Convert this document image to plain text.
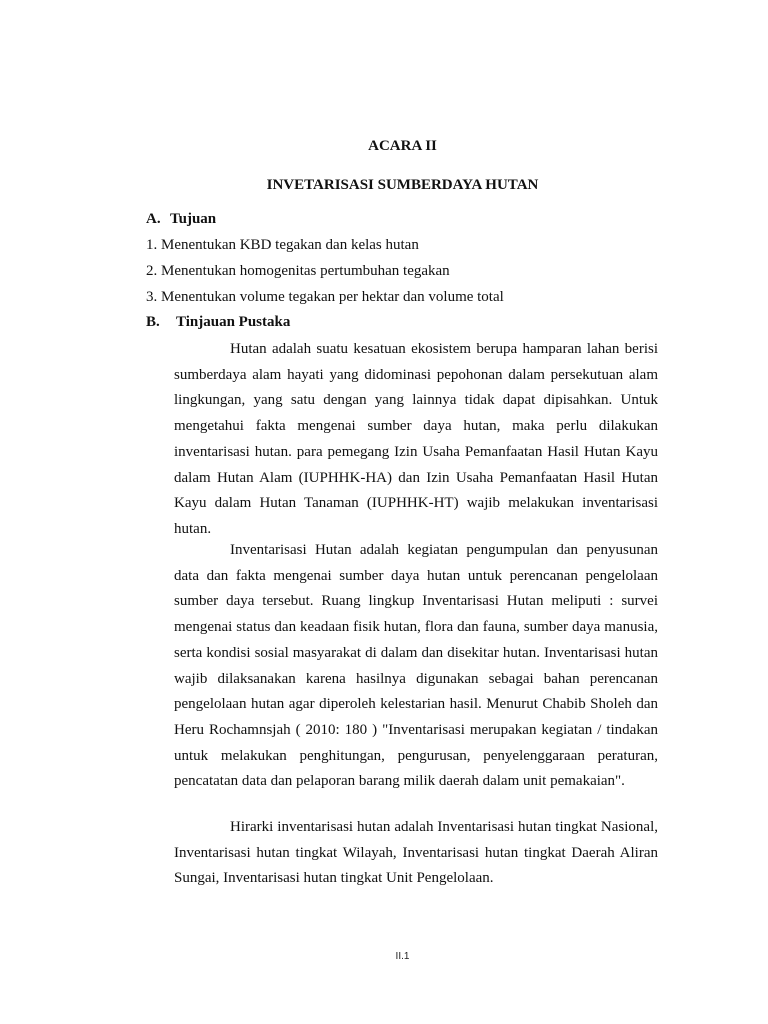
ACARA II
INVETARISASI SUMBERDAYA HUTAN
A. Tujuan
1. Menentukan KBD tegakan dan kelas hutan
2. Menentukan homogenitas pertumbuhan tegakan
3. Menentukan volume tegakan per hektar dan volume total
B. Tinjauan Pustaka
Hutan adalah suatu kesatuan ekosistem berupa hamparan lahan berisi sumberdaya alam hayati yang didominasi pepohonan dalam persekutuan alam lingkungan, yang satu dengan yang lainnya tidak dapat dipisahkan. Untuk mengetahui fakta mengenai sumber daya hutan, maka perlu dilakukan inventarisasi hutan. para pemegang Izin Usaha Pemanfaatan Hasil Hutan Kayu dalam Hutan Alam (IUPHHK-HA) dan Izin Usaha Pemanfaatan Hasil Hutan Kayu dalam Hutan Tanaman (IUPHHK-HT) wajib melakukan inventarisasi hutan.
Inventarisasi Hutan adalah kegiatan pengumpulan dan penyusunan data dan fakta mengenai sumber daya hutan untuk perencanan pengelolaan sumber daya tersebut. Ruang lingkup Inventarisasi Hutan meliputi : survei mengenai status dan keadaan fisik hutan, flora dan fauna, sumber daya manusia, serta kondisi sosial masyarakat di dalam dan disekitar hutan. Inventarisasi hutan wajib dilaksanakan karena hasilnya digunakan sebagai bahan perencanan pengelolaan hutan agar diperoleh kelestarian hasil. Menurut Chabib Sholeh dan Heru Rochamnsjah ( 2010: 180 ) "Inventarisasi merupakan kegiatan / tindakan untuk melakukan penghitungan, pengurusan, penyelenggaraan peraturan, pencatatan data dan pelaporan barang milik daerah dalam unit pemakaian".
Hirarki inventarisasi hutan adalah Inventarisasi hutan tingkat Nasional, Inventarisasi hutan tingkat Wilayah, Inventarisasi hutan tingkat Daerah Aliran Sungai, Inventarisasi hutan tingkat Unit Pengelolaan.
II.1
